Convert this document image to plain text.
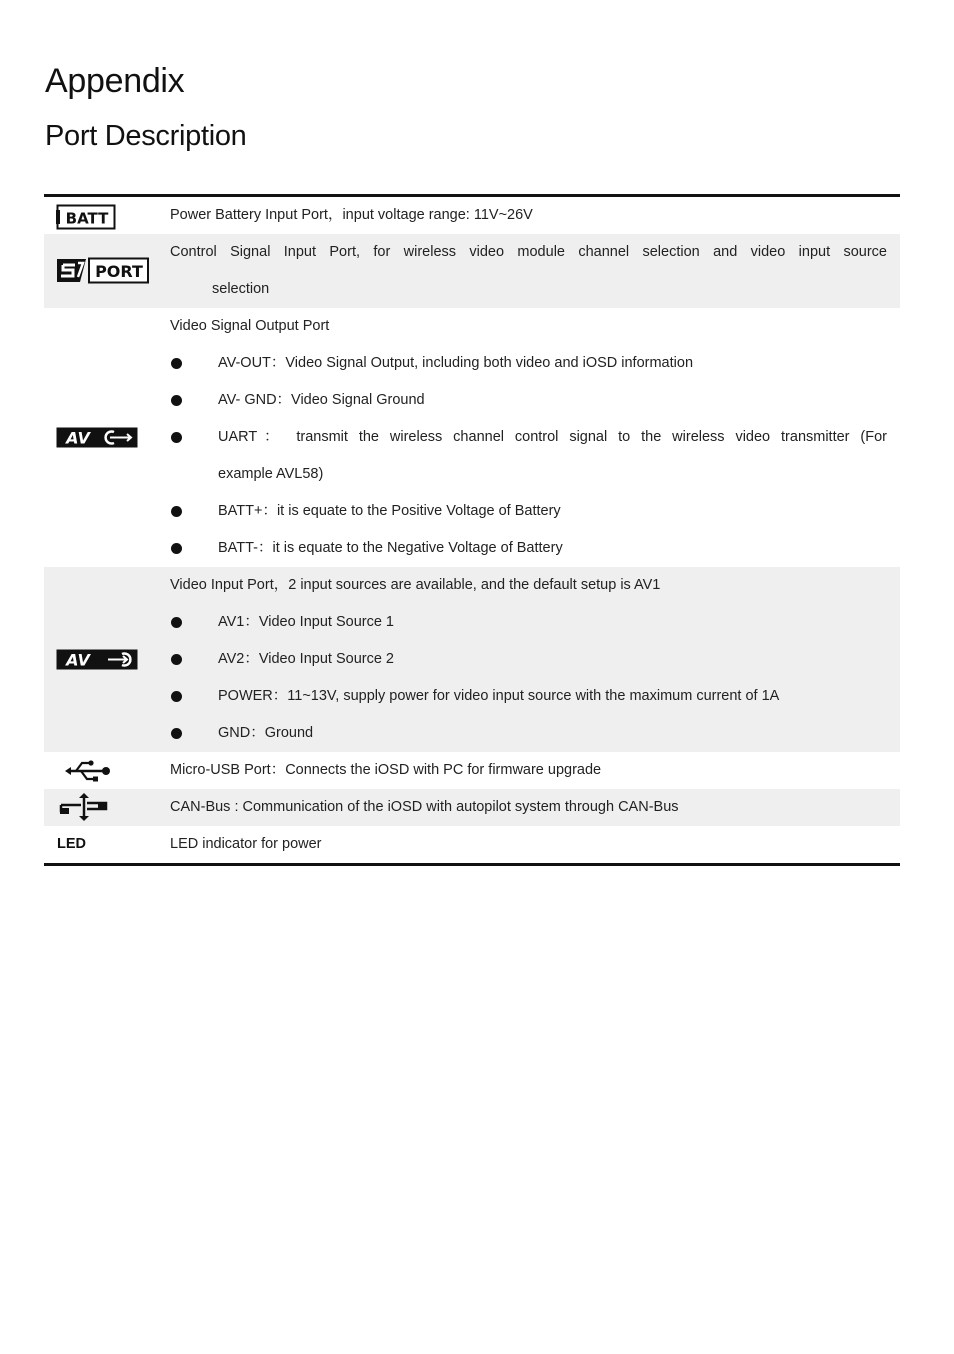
Appendix
Port Description
BATT	Power Battery Input Port，input voltage range: 11V~26V
PORT
Control Signal Input Port, for wireless video module channel selection and video input source
selection
AV
Video Signal Output Port
AV-OUT：Video Signal Output, including both video and iOSD information
AV- GND：Video Signal Ground
UART： transmit the wireless channel control signal to the wireless video transmitter (For
example AVL58)
BATT+：it is equate to the Positive Voltage of Battery
BATT-：it is equate to the Negative Voltage of Battery
AV
Video Input Port，2 input sources are available, and the default setup is AV1
AV1：Video Input Source 1
AV2：Video Input Source 2
POWER：11~13V, supply power for video input source with the maximum current of 1A
GND：Ground
Micro-USB Port：Connects the iOSD with PC for firmware upgrade
CAN-Bus : Communication of the iOSD with autopilot system through CAN-Bus
LED	LED indicator for power
